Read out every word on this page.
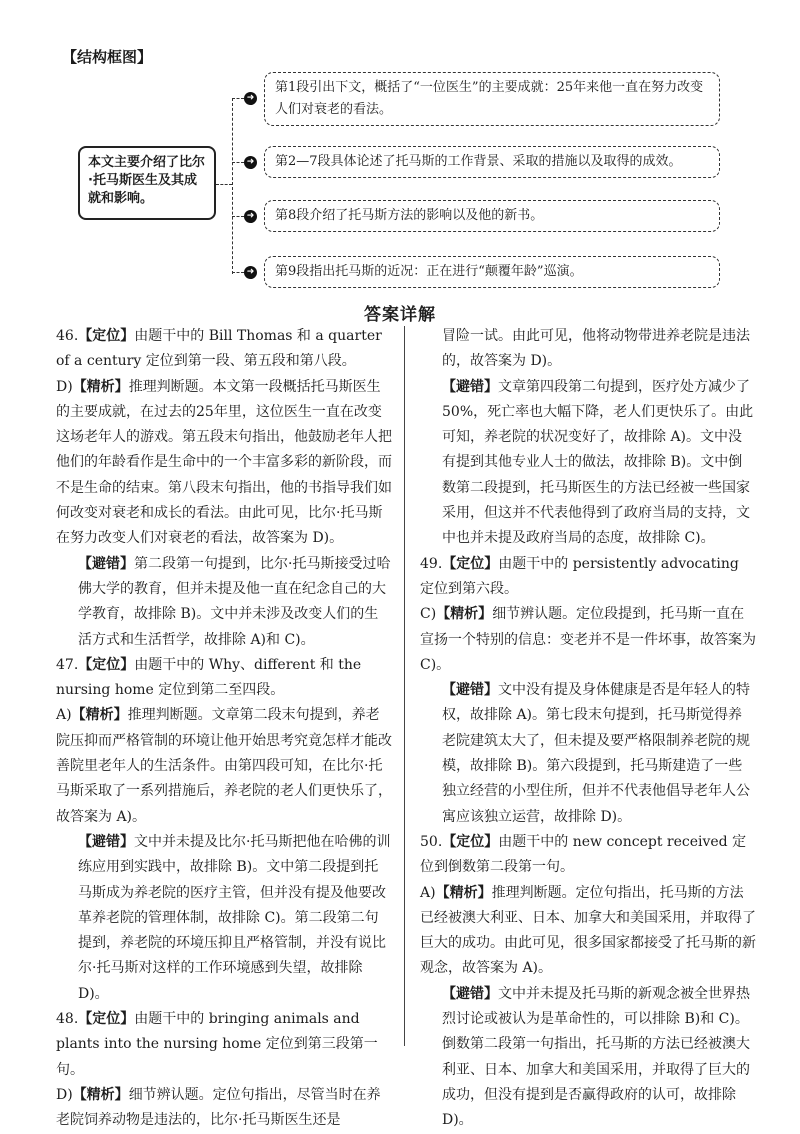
【结构框图】
本文主要介绍了比尔·托马斯医生及其成就和影响。
➜
第1段引出下文，概括了“一位医生”的主要成就：25年来他一直在努力改变人们对衰老的看法。
➜	第2—7段具体论述了托马斯的工作背景、采取的措施以及取得的成效。
➜	第8段介绍了托马斯方法的影响以及他的新书。
➜	第9段指出托马斯的近况：正在进行“颠覆年龄”巡演。
答案详解

46.【定位】由题干中的 Bill Thomas 和 a quarter of a century 定位到第一段、第五段和第八段。

D)【精析】推理判断题。本文第一段概括托马斯医生的主要成就，在过去的25年里，这位医生一直在改变这场老年人的游戏。第五段末句指出，他鼓励老年人把他们的年龄看作是生命中的一个丰富多彩的新阶段，而不是生命的结束。第八段末句指出，他的书指导我们如何改变对衰老和成长的看法。由此可见，比尔·托马斯在努力改变人们对衰老的看法，故答案为 D)。

【避错】第二段第一句提到，比尔·托马斯接受过哈佛大学的教育，但并未提及他一直在纪念自己的大学教育，故排除 B)。文中并未涉及改变人们的生活方式和生活哲学，故排除 A)和 C)。

47.【定位】由题干中的 Why、different 和 the nursing home 定位到第二至四段。

A)【精析】推理判断题。文章第二段末句提到，养老院压抑而严格管制的环境让他开始思考究竟怎样才能改善院里老年人的生活条件。由第四段可知，在比尔·托马斯采取了一系列措施后，养老院的老人们更快乐了，故答案为 A)。

【避错】文中并未提及比尔·托马斯把他在哈佛的训练应用到实践中，故排除 B)。文中第二段提到托马斯成为养老院的医疗主管，但并没有提及他要改革养老院的管理体制，故排除 C)。第二段第二句提到，养老院的环境压抑且严格管制，并没有说比尔·托马斯对这样的工作环境感到失望，故排除 D)。

48.【定位】由题干中的 bringing animals and plants into the nursing home 定位到第三段第一句。

D)【精析】细节辨认题。定位句指出，尽管当时在养老院饲养动物是违法的，比尔·托马斯医生还是

冒险一试。由此可见，他将动物带进养老院是违法的，故答案为 D)。

【避错】文章第四段第二句提到，医疗处方减少了50%，死亡率也大幅下降，老人们更快乐了。由此可知，养老院的状况变好了，故排除 A)。文中没有提到其他专业人士的做法，故排除 B)。文中倒数第二段提到，托马斯医生的方法已经被一些国家采用，但这并不代表他得到了政府当局的支持，文中也并未提及政府当局的态度，故排除 C)。

49.【定位】由题干中的 persistently advocating 定位到第六段。

C)【精析】细节辨认题。定位段提到，托马斯一直在宣扬一个特别的信息：变老并不是一件坏事，故答案为 C)。

【避错】文中没有提及身体健康是否是年轻人的特权，故排除 A)。第七段末句提到，托马斯觉得养老院建筑太大了，但未提及要严格限制养老院的规模，故排除 B)。第六段提到，托马斯建造了一些独立经营的小型住所，但并不代表他倡导老年人公寓应该独立运营，故排除 D)。

50.【定位】由题干中的 new concept received 定位到倒数第二段第一句。

A)【精析】推理判断题。定位句指出，托马斯的方法已经被澳大利亚、日本、加拿大和美国采用，并取得了巨大的成功。由此可见，很多国家都接受了托马斯的新观念，故答案为 A)。

【避错】文中并未提及托马斯的新观念被全世界热烈讨论或被认为是革命性的，可以排除 B)和 C)。倒数第二段第一句指出，托马斯的方法已经被澳大利亚、日本、加拿大和美国采用，并取得了巨大的成功，但没有提到是否赢得政府的认可，故排除 D)。
